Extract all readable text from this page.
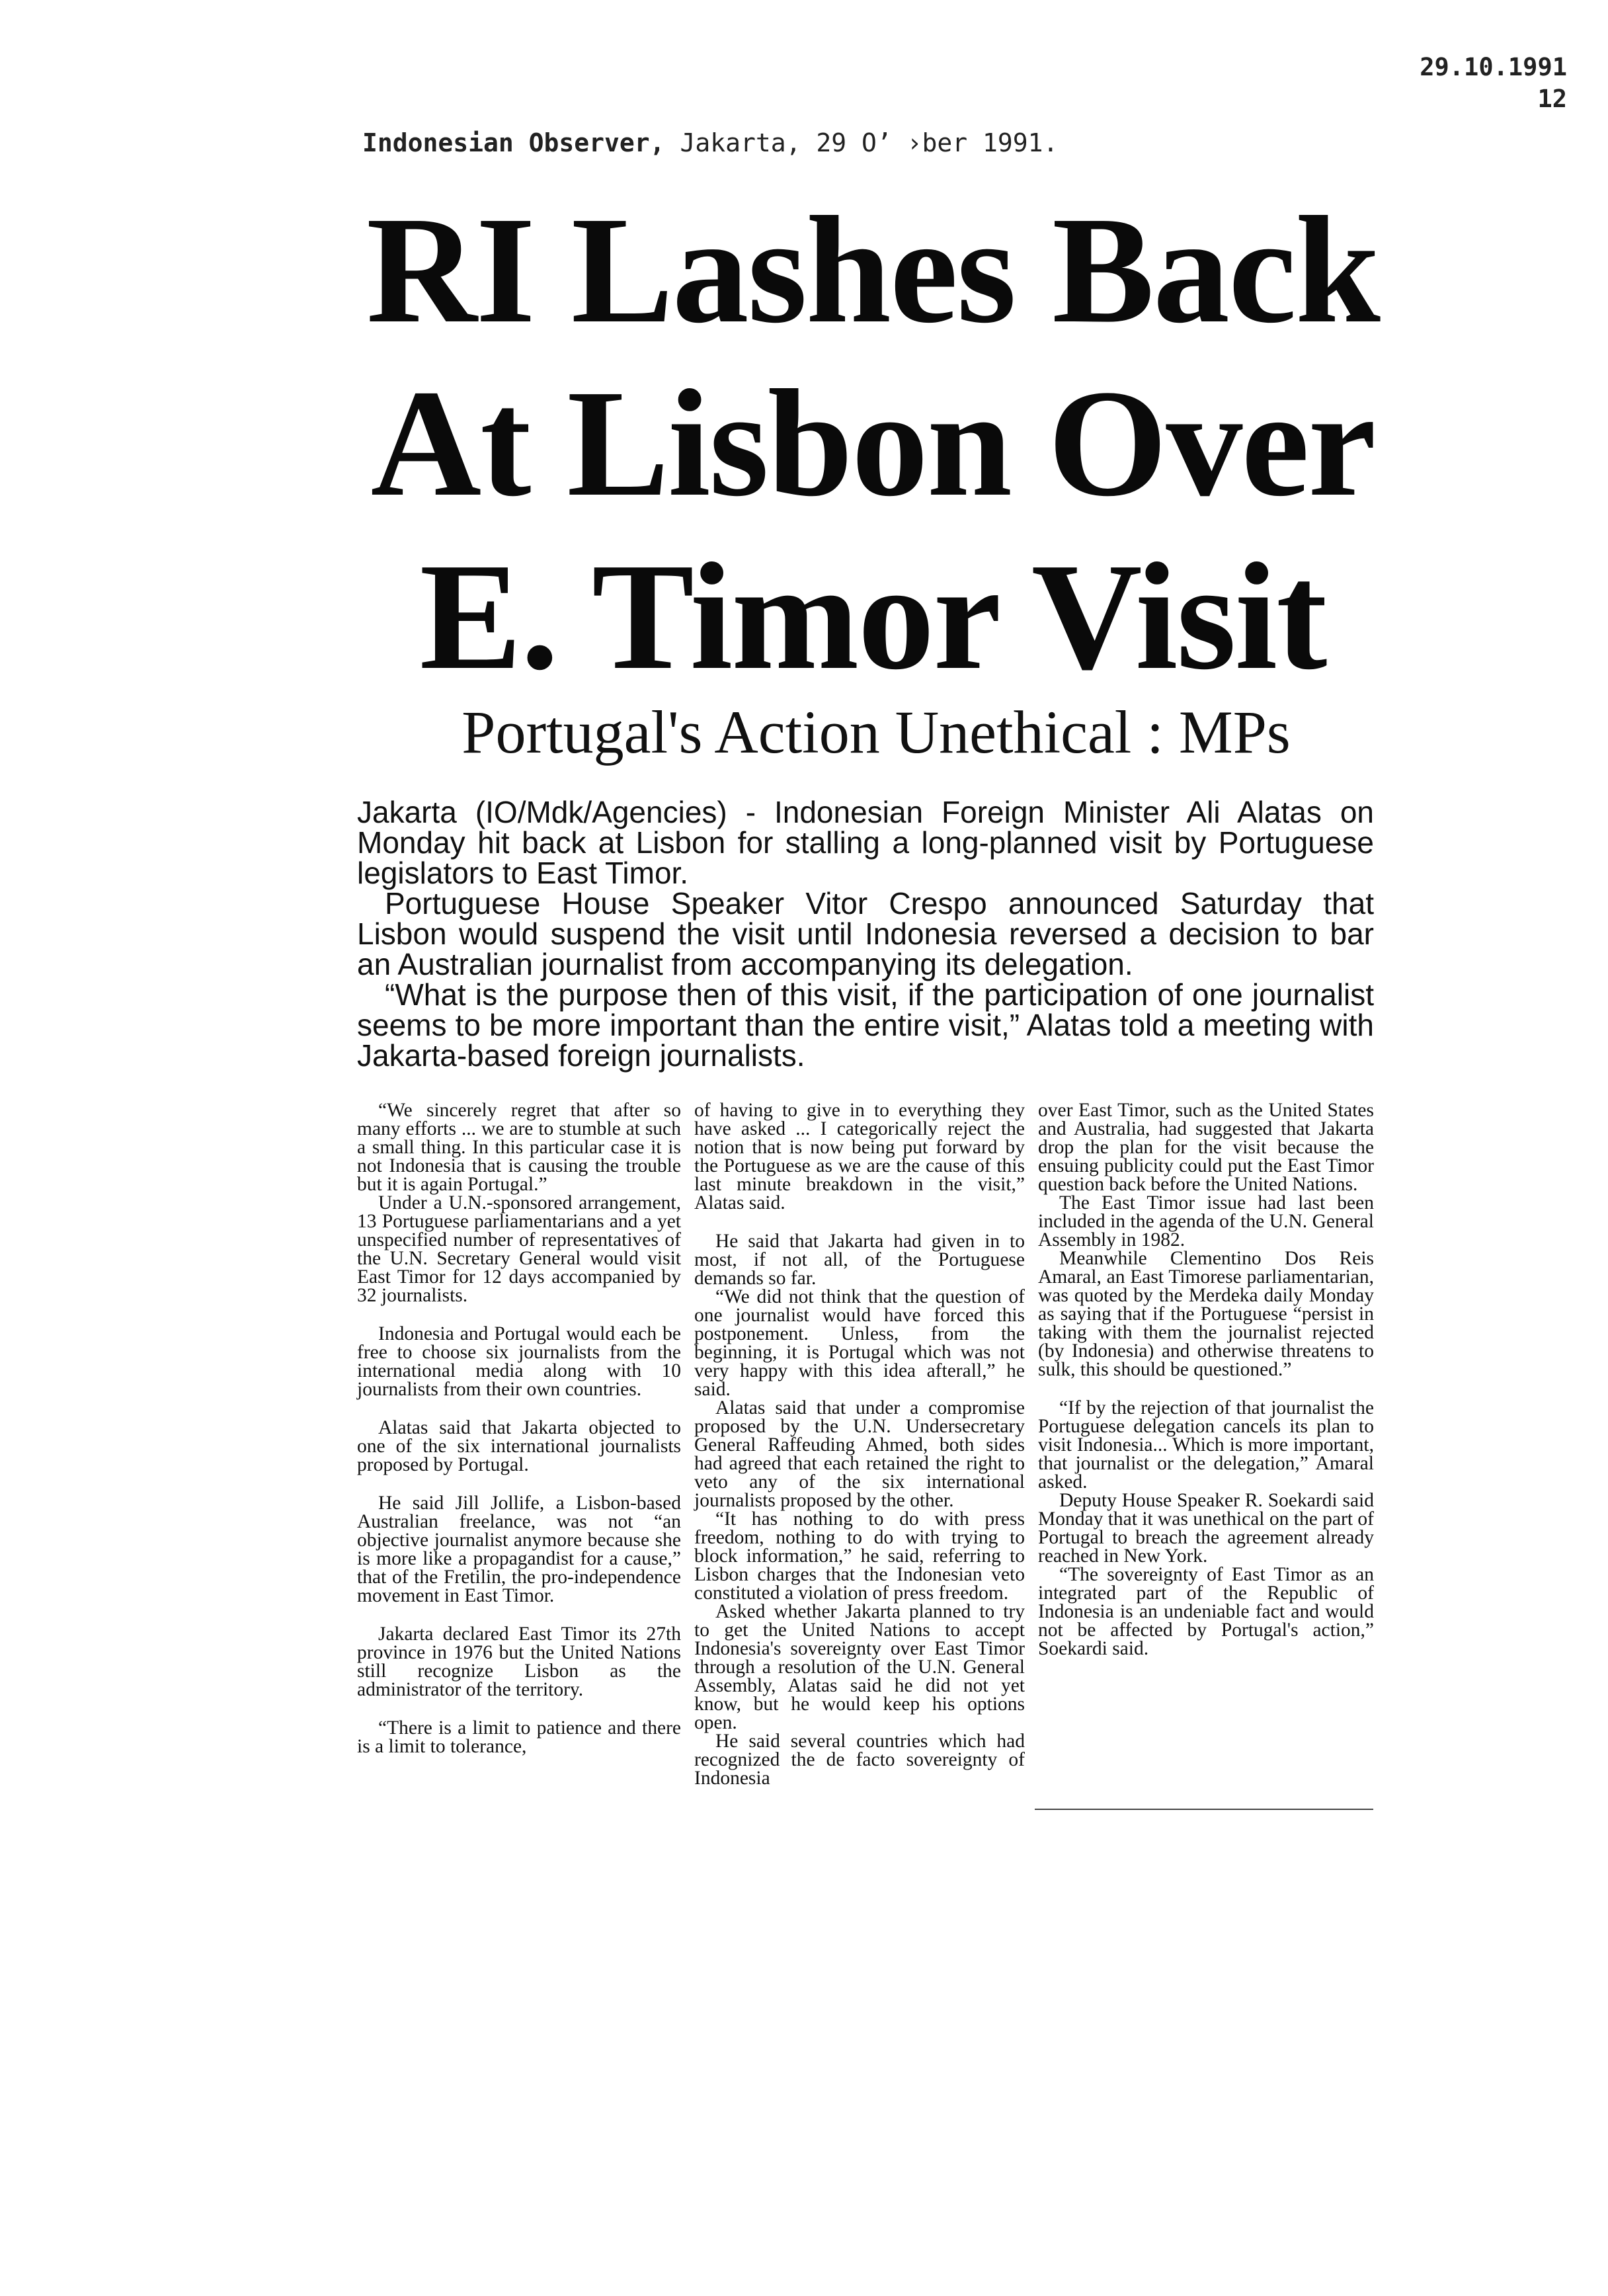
29.10.1991
12
Indonesian Observer, Jakarta, 29 O’ ›ber 1991.
RI Lashes Back
At Lisbon Over
E. Timor Visit
Portugal's Action Unethical : MPs

Jakarta (IO/Mdk/Agencies) - Indonesian Foreign Minister Ali Alatas on Monday hit back at Lisbon for stalling a long-planned visit by Portuguese legislators to East Timor.

Portuguese House Speaker Vitor Crespo announced Saturday that Lisbon would suspend the visit until Indonesia reversed a decision to bar an Australian journalist from accompanying its delegation.

“What is the purpose then of this visit, if the participation of one journalist seems to be more important than the entire visit,” Alatas told a meeting with Jakarta-based foreign journalists.

“We sincerely regret that after so many efforts ... we are to stumble at such a small thing. In this particular case it is not Indonesia that is causing the trouble but it is again Portugal.”

Under a U.N.-sponsored arrangement, 13 Portuguese parliamentarians and a yet unspecified number of representatives of the U.N. Secretary General would visit East Timor for 12 days accompanied by 32 journalists.

Indonesia and Portugal would each be free to choose six journalists from the international media along with 10 journalists from their own countries.

Alatas said that Jakarta objected to one of the six international journalists proposed by Portugal.

He said Jill Jollife, a Lisbon-based Australian freelance, was not “an objective journalist anymore because she is more like a propagandist for a cause,” that of the Fretilin, the pro-independence movement in East Timor.

Jakarta declared East Timor its 27th province in 1976 but the United Nations still recognize Lisbon as the administrator of the territory.

“There is a limit to patience and there is a limit to tolerance,

of having to give in to everything they have asked ... I categorically reject the notion that is now being put forward by the Portuguese as we are the cause of this last minute breakdown in the visit,” Alatas said.

He said that Jakarta had given in to most, if not all, of the Portuguese demands so far.

“We did not think that the question of one journalist would have forced this postponement. Unless, from the beginning, it is Portugal which was not very happy with this idea afterall,” he said.

Alatas said that under a compromise proposed by the U.N. Undersecretary General Raffeuding Ahmed, both sides had agreed that each retained the right to veto any of the six international journalists proposed by the other.

“It has nothing to do with press freedom, nothing to do with trying to block information,” he said, referring to Lisbon charges that the Indonesian veto constituted a violation of press freedom.

Asked whether Jakarta planned to try to get the United Nations to accept Indonesia's sovereignty over East Timor through a resolution of the U.N. General Assembly, Alatas said he did not yet know, but he would keep his options open.

He said several countries which had recognized the de facto sovereignty of Indonesia

over East Timor, such as the United States and Australia, had suggested that Jakarta drop the plan for the visit because the ensuing publicity could put the East Timor question back before the United Nations.

The East Timor issue had last been included in the agenda of the U.N. General Assembly in 1982.

Meanwhile Clementino Dos Reis Amaral, an East Timorese parliamentarian, was quoted by the Merdeka daily Monday as saying that if the Portuguese “persist in taking with them the journalist rejected (by Indonesia) and otherwise threatens to sulk, this should be questioned.”

“If by the rejection of that journalist the Portuguese delegation cancels its plan to visit Indonesia... Which is more important, that journalist or the delegation,” Amaral asked.

Deputy House Speaker R. Soekardi said Monday that it was unethical on the part of Portugal to breach the agreement already reached in New York.

“The sovereignty of East Timor as an integrated part of the Republic of Indonesia is an undeniable fact and would not be affected by Portugal's action,” Soekardi said.
